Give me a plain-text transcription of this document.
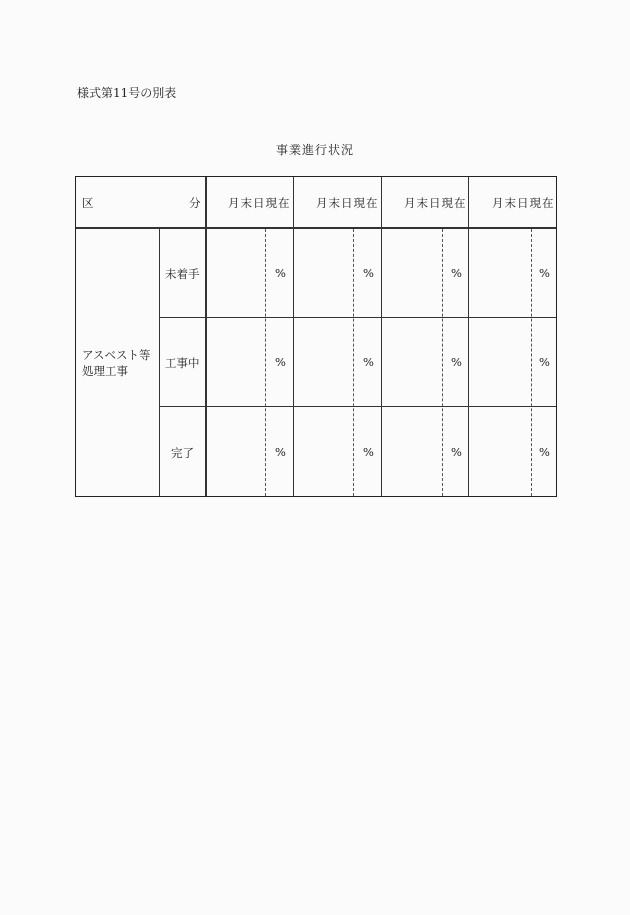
様式第11号の別表
事業進行状況
区	分 月末日現在 月末日現在 月末日現在 月末日現在
アスベスト等
処理工事
未着手	%	%	%	%
工事中	%	%	%	%
完了	%	%	%	%
